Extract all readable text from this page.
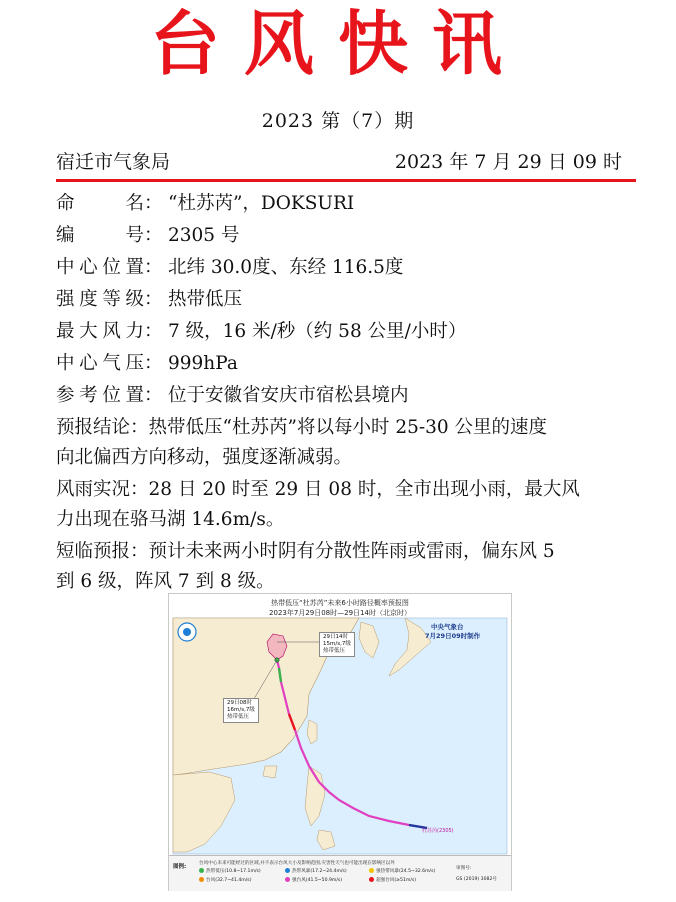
台风快讯
2023 第（7）期
宿迁市气象局	2023 年 7 月 29 日 09 时
命 名： “杜苏芮”，DOKSURI
编 号： 2305 号
中心位置： 北纬 30.0度、东经 116.5度
强度等级： 热带低压
最大风力： 7 级，16 米/秒（约 58 公里/小时）
中心气压： 999hPa
参考位置： 位于安徽省安庆市宿松县境内
预报结论：热带低压“杜苏芮”将以每小时 25-30 公里的速度
向北偏西方向移动，强度逐渐减弱。
风雨实况：28 日 20 时至 29 日 08 时，全市出现小雨，最大风
力出现在骆马湖 14.6m/s。
短临预报：预计未来两小时阴有分散性阵雨或雷雨，偏东风 5
到 6 级，阵风 7 到 8 级。
热带低压“杜苏芮”未来6小时路径概率预报图
2023年7月29日08时—29日14时（北京时）
中央气象台
7月29日09时制作
29日14时
15m/s,7级
热带低压
29日08时
16m/s,7级
热带低压
杜苏芮(2305)
图例:
台风中心未来可能经过的区域,并不表示台风大小及影响范围,灾害性天气也可能出现在影响区以外
热带低压(10.8~17.1m/s)	热带风暴(17.2~24.4m/s)	强热带风暴(24.5~32.6m/s)
台风(32.7~41.4m/s)	强台风(41.5~50.9m/s)	超强台风(≥51m/s)
审图号:
GS (2019) 3082号
